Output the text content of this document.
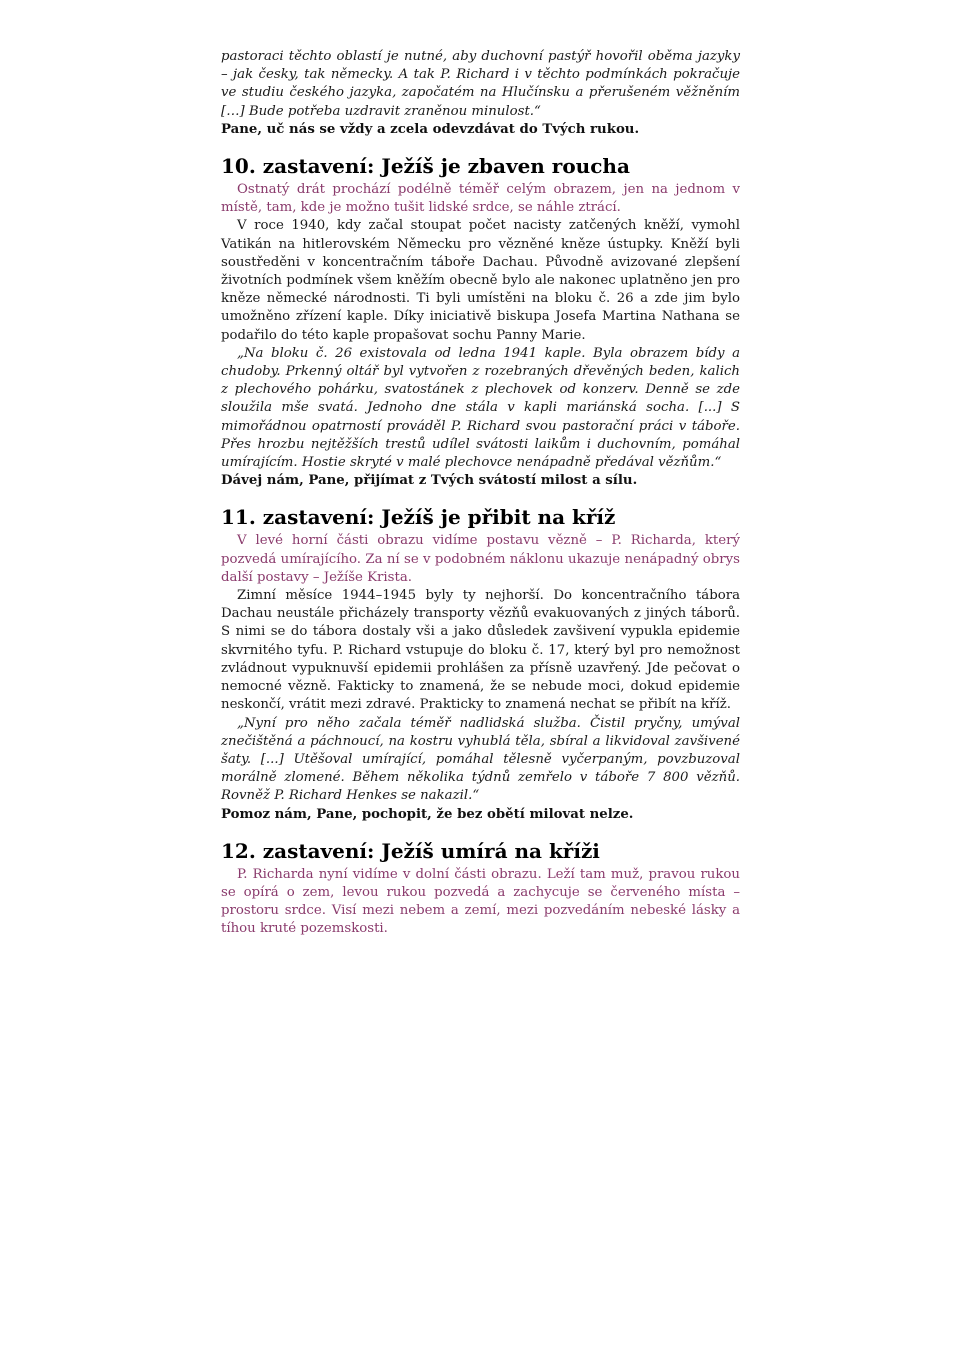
pastoraci těchto oblastí je nutné, aby duchovní pastýř hovořil oběma jazyky – jak česky, tak německy. A tak P. Richard i v těchto podmínkách pokračuje ve studiu českého jazyka, započatém na Hlučínsku a přerušeném věžněním […] Bude potřeba uzdravit zraněnou minulost.“

Pane, uč nás se vždy a zcela odevzdávat do Tvých rukou.

10. zastavení: Ježíš je zbaven roucha

Ostnatý drát prochází podélně téměř celým obrazem, jen na jednom v místě, tam, kde je možno tušit lidské srdce, se náhle ztrácí.

V roce 1940, kdy začal stoupat počet nacisty zatčených kněží, vymohl Vatikán na hitlerovském Německu pro vězněné kněze ústupky. Kněží byli soustředěni v koncentračním táboře Dachau. Původně avizované zlepšení životních podmínek všem kněžím obecně bylo ale nakonec uplatněno jen pro kněze německé národnosti. Ti byli umístěni na bloku č. 26 a zde jim bylo umožněno zřízení kaple. Díky iniciativě biskupa Josefa Martina Nathana se podařilo do této kaple propašovat sochu Panny Marie.

„Na bloku č. 26 existovala od ledna 1941 kaple. Byla obrazem bídy a chudoby. Prkenný oltář byl vytvořen z rozebraných dřevěných beden, kalich z plechového pohárku, svatostánek z plechovek od konzerv. Denně se zde sloužila mše svatá. Jednoho dne stála v kapli mariánská socha. [...] S mimořádnou opatrností prováděl P. Richard svou pastorační práci v táboře. Přes hrozbu nejtěžších trestů udílel svátosti laikům i duchovním, pomáhal umírajícím. Hostie skryté v malé plechovce nenápadně předával vězňům.“

Dávej nám, Pane, přijímat z Tvých svátostí milost a sílu.

11. zastavení: Ježíš je přibit na kříž

V levé horní části obrazu vidíme postavu vězně – P. Richarda, který pozvedá umírajícího. Za ní se v podobném náklonu ukazuje nenápadný obrys další postavy – Ježíše Krista.

Zimní měsíce 1944–1945 byly ty nejhorší. Do koncentračního tábora Dachau neustále přicházely transporty vězňů evakuovaných z jiných táborů. S nimi se do tábora dostaly vši a jako důsledek zavšivení vypukla epidemie skvrnitého tyfu. P. Richard vstupuje do bloku č. 17, který byl pro nemožnost zvládnout vypuknuvší epidemii prohlášen za přísně uzavřený. Jde pečovat o nemocné vězně. Fakticky to znamená, že se nebude moci, dokud epidemie neskončí, vrátit mezi zdravé. Prakticky to znamená nechat se přibít na kříž.

„Nyní pro něho začala téměř nadlidská služba. Čistil pryčny, umýval znečištěná a páchnoucí, na kostru vyhublá těla, sbíral a likvidoval zavšivené šaty. [...] Utěšoval umírající, pomáhal tělesně vyčerpaným, povzbuzoval morálně zlomené. Během několika týdnů zemřelo v táboře 7 800 vězňů. Rovněž P. Richard Henkes se nakazil.“

Pomoz nám, Pane, pochopit, že bez obětí milovat nelze.

12. zastavení: Ježíš umírá na kříži

P. Richarda nyní vidíme v dolní části obrazu. Leží tam muž, pravou rukou se opírá o zem, levou rukou pozvedá a zachycuje se červeného místa – prostoru srdce. Visí mezi nebem a zemí, mezi pozvedáním nebeské lásky a tíhou kruté pozemskosti.
